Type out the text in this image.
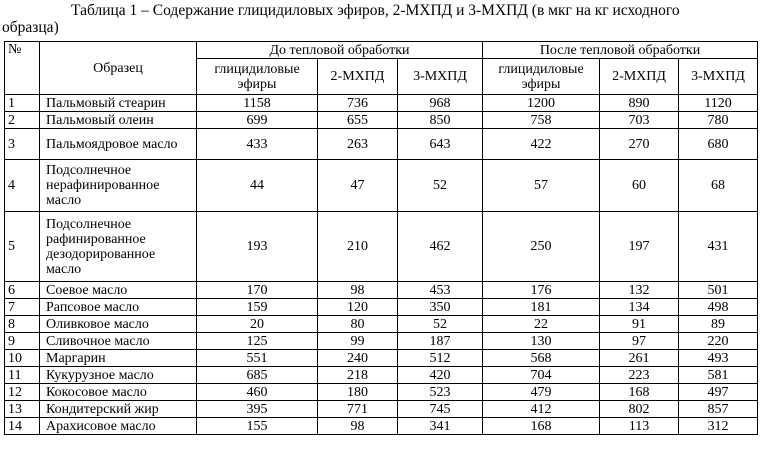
Таблица 1 – Содержание глицидиловых эфиров, 2-МХПД и 3-МХПД (в мкг на кг исходного
образца)
№	Образец	До тепловой обработки			После тепловой обработки		
		глицидиловые эфиры	2-МХПД	3-МХПД	глицидиловые эфиры	2-МХПД	3-МХПД
1	Пальмовый стеарин	1158	736	968	1200	890	1120
2	Пальмовый олеин	699	655	850	758	703	780
3	Пальмоядровое масло	433	263	643	422	270	680
4	Подсолнечное нерафинированное масло	44	47	52	57	60	68
5	Подсолнечное рафинированное дезодорированное масло	193	210	462	250	197	431
6	Соевое масло	170	98	453	176	132	501
7	Рапсовое масло	159	120	350	181	134	498
8	Оливковое масло	20	80	52	22	91	89
9	Сливочное масло	125	99	187	130	97	220
10	Маргарин	551	240	512	568	261	493
11	Кукурузное масло	685	218	420	704	223	581
12	Кокосовое масло	460	180	523	479	168	497
13	Кондитерский жир	395	771	745	412	802	857
14	Арахисовое масло	155	98	341	168	113	312
